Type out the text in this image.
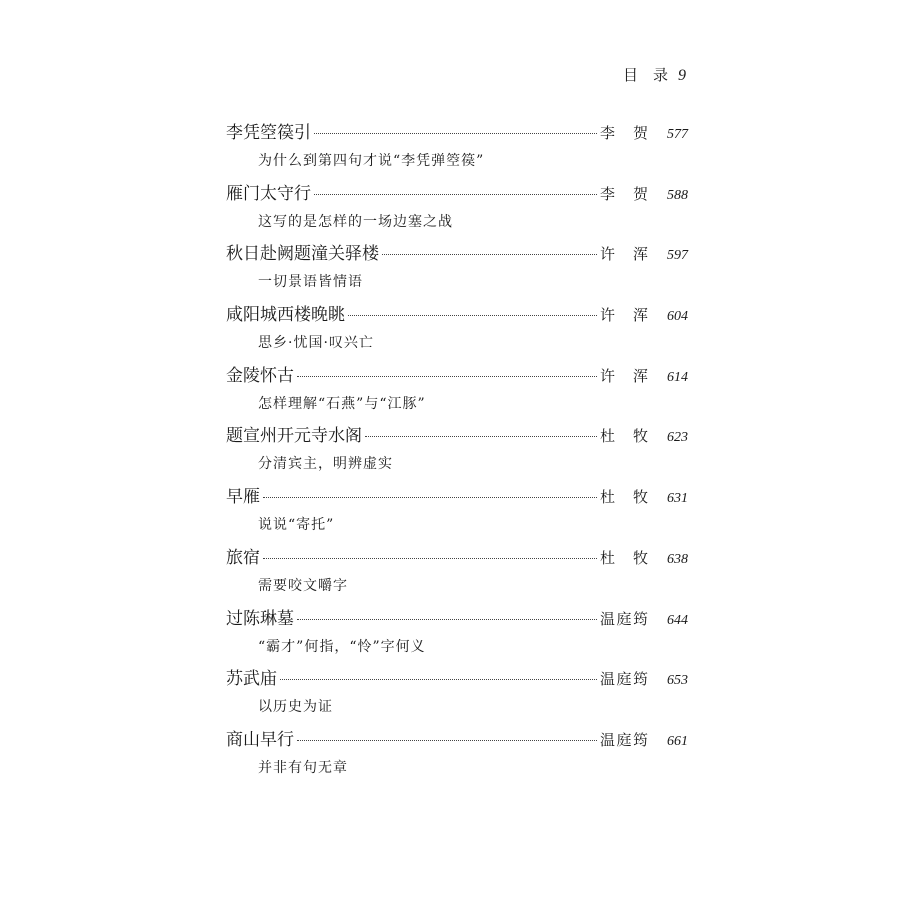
目　录 9
李凭箜篌引	李 贺	577
为什么到第四句才说“李凭弹箜篌”
雁门太守行	李 贺	588
这写的是怎样的一场边塞之战
秋日赴阙题潼关驿楼	许 浑	597
一切景语皆情语
咸阳城西楼晚眺	许 浑	604
思乡·忧国·叹兴亡
金陵怀古	许 浑	614
怎样理解“石燕”与“江豚”
题宣州开元寺水阁	杜 牧	623
分清宾主，明辨虚实
早雁	杜 牧	631
说说“寄托”
旅宿	杜 牧	638
需要咬文嚼字
过陈琳墓	温 庭 筠	644
“霸才”何指，“怜”字何义
苏武庙	温 庭 筠	653
以历史为证
商山早行	温 庭 筠	661
并非有句无章
